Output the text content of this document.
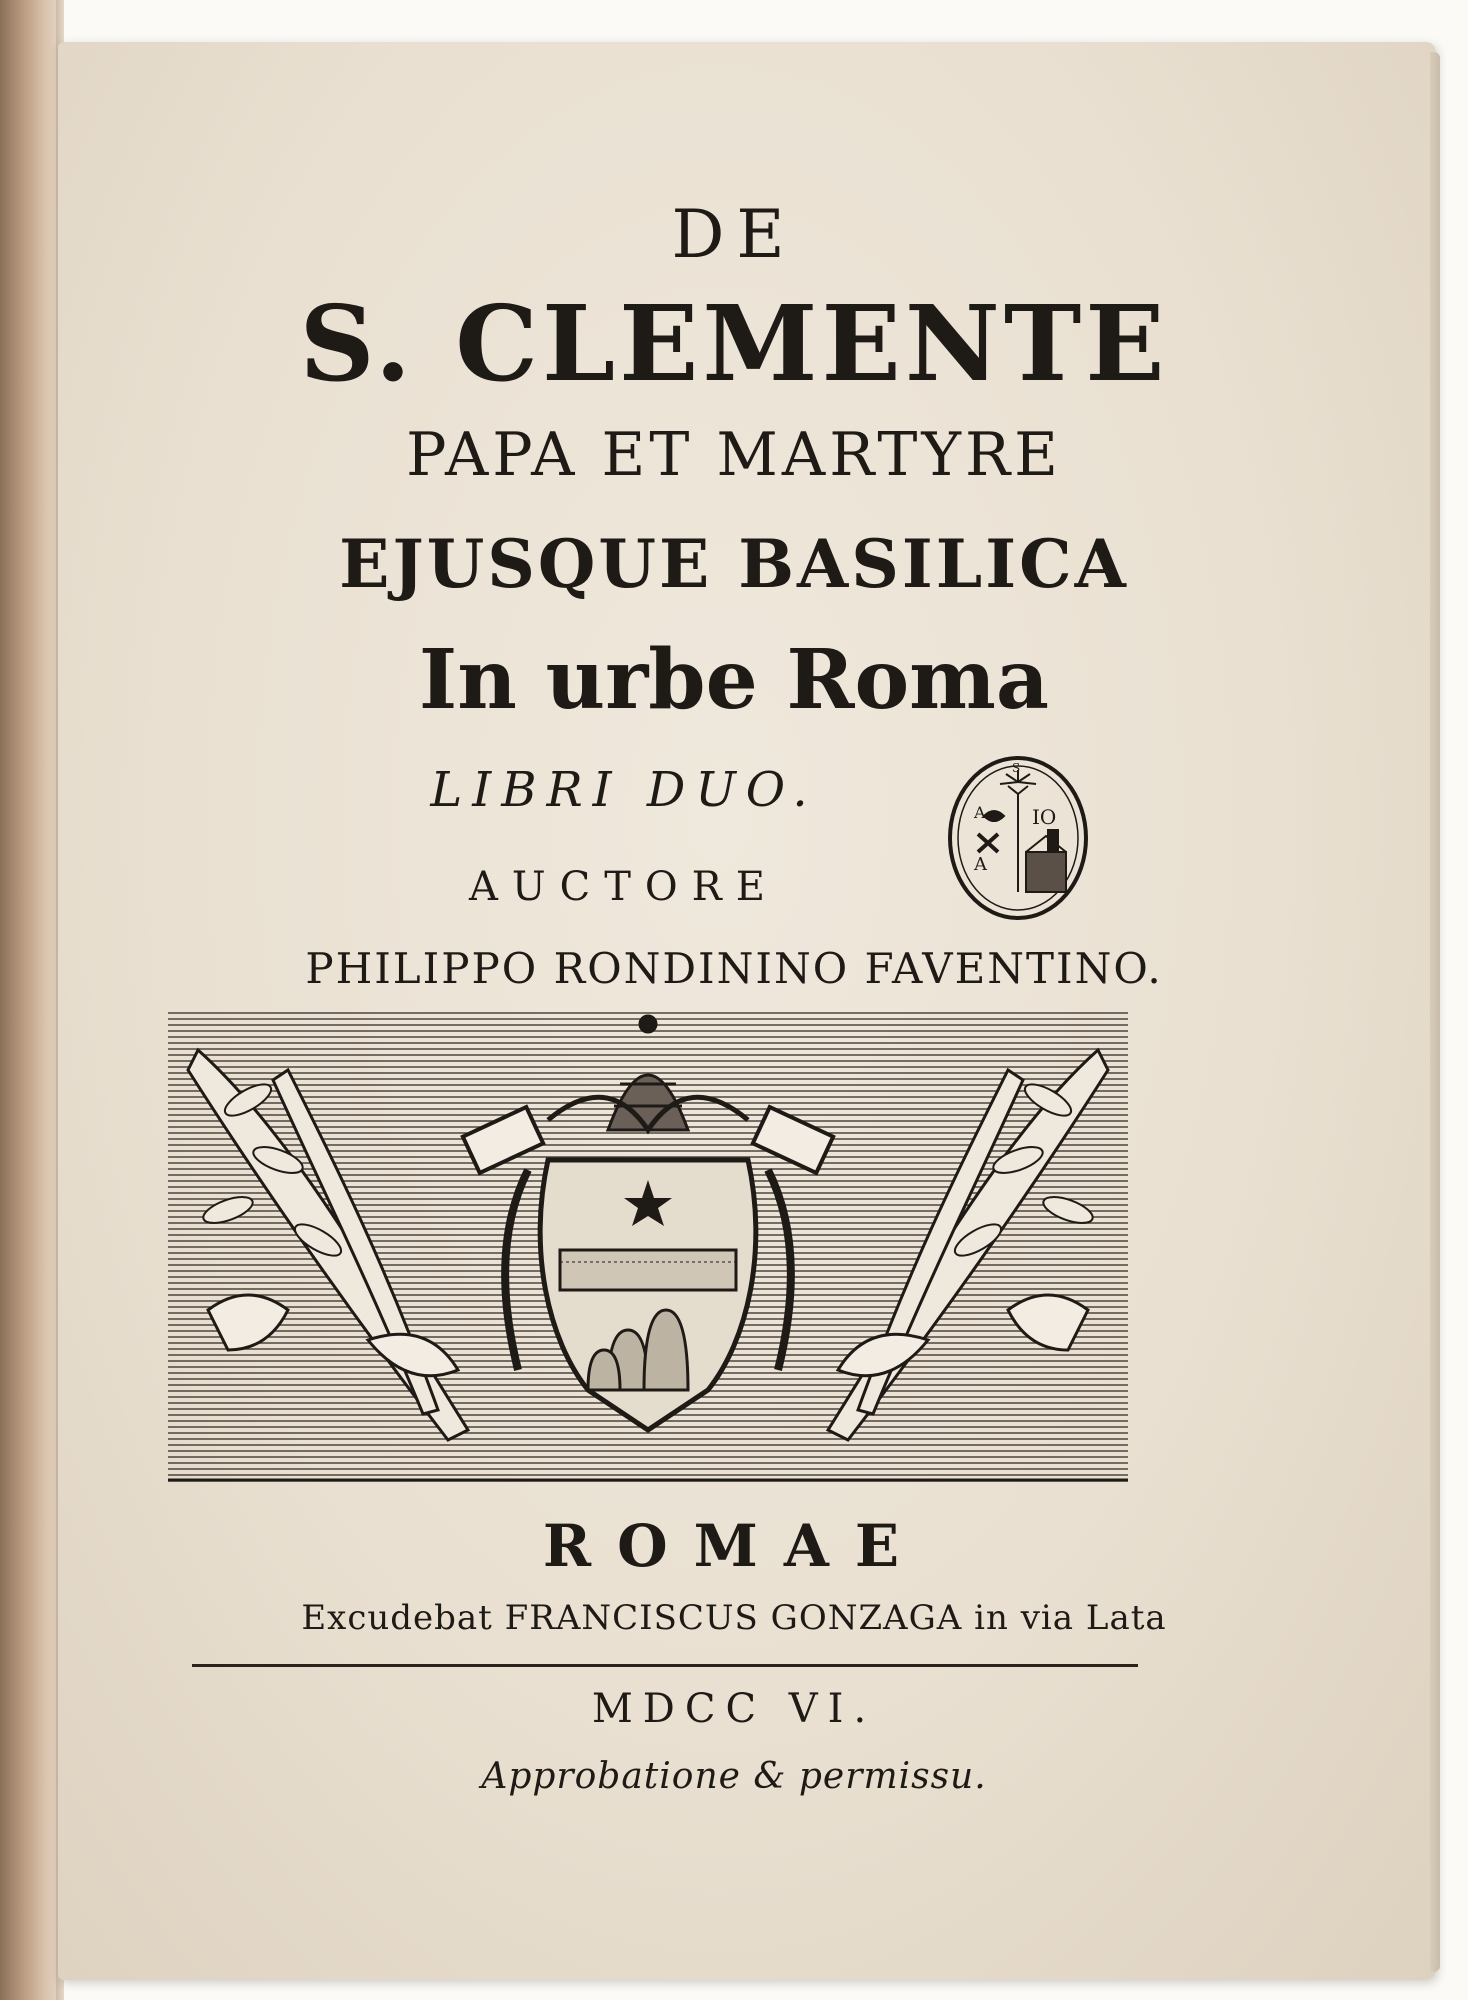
DE
S. CLEMENTE
PAPA ET MARTYRE
EJUSQUE BASILICA
In urbe Roma
LIBRI DUO.
AUCTORE
PHILIPPO RONDININO FAVENTINO.
S
IO
A
A
ROMAE
Excudebat FRANCISCUS GONZAGA in via Lata
MDCC VI.
Approbatione & permissu.
